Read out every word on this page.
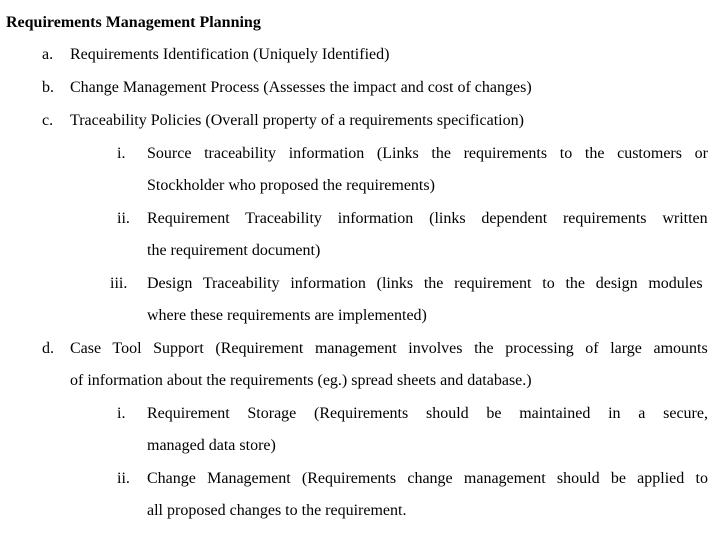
Requirements Management Planning
a. Requirements Identification (Uniquely Identified)
b. Change Management Process (Assesses the impact and cost of changes)
c. Traceability Policies (Overall property of a requirements specification)
i. Source traceability information (Links the requirements to the customers or
Stockholder who proposed the requirements)
ii. Requirement Traceability information (links dependent requirements written
the requirement document)
iii. Design Traceability information (links the requirement to the design modules
where these requirements are implemented)
d. Case Tool Support (Requirement management involves the processing of large amounts
of information about the requirements (eg.) spread sheets and database.)
i. Requirement Storage (Requirements should be maintained in a secure,
managed data store)
ii. Change Management (Requirements change management should be applied to
all proposed changes to the requirement.
